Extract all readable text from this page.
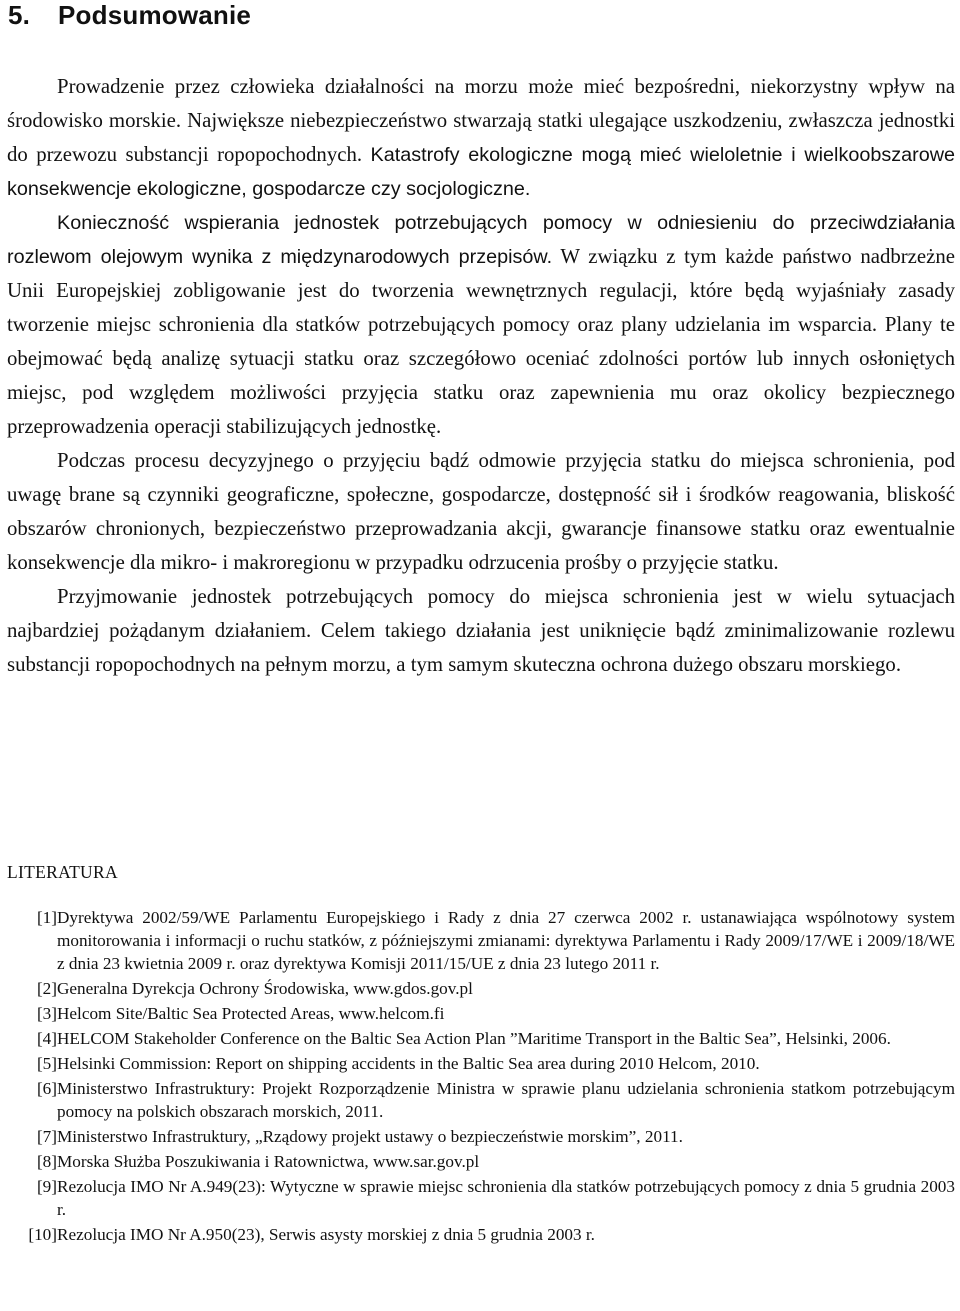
5. Podsumowanie

Prowadzenie przez człowieka działalności na morzu może mieć bezpośredni, niekorzystny wpływ na środowisko morskie. Największe niebezpieczeństwo stwarzają statki ulegające uszkodzeniu, zwłaszcza jednostki do przewozu substancji ropopochodnych. Katastrofy ekologiczne mogą mieć wieloletnie i wielkoobszarowe konsekwencje ekologiczne, gospodarcze czy socjologiczne.

Konieczność wspierania jednostek potrzebujących pomocy w odniesieniu do przeciwdziałania rozlewom olejowym wynika z międzynarodowych przepisów. W związku z tym każde państwo nadbrzeżne Unii Europejskiej zobligowanie jest do tworzenia wewnętrznych regulacji, które będą wyjaśniały zasady tworzenie miejsc schronienia dla statków potrzebujących pomocy oraz plany udzielania im wsparcia. Plany te obejmować będą analizę sytuacji statku oraz szczegółowo oceniać zdolności portów lub innych osłoniętych miejsc, pod względem możliwości przyjęcia statku oraz zapewnienia mu oraz okolicy bezpiecznego przeprowadzenia operacji stabilizujących jednostkę.

Podczas procesu decyzyjnego o przyjęciu bądź odmowie przyjęcia statku do miejsca schronienia, pod uwagę brane są czynniki geograficzne, społeczne, gospodarcze, dostępność sił i środków reagowania, bliskość obszarów chronionych, bezpieczeństwo przeprowadzania akcji, gwarancje finansowe statku oraz ewentualnie konsekwencje dla mikro- i makroregionu w przypadku odrzucenia prośby o przyjęcie statku.

Przyjmowanie jednostek potrzebujących pomocy do miejsca schronienia jest w wielu sytuacjach najbardziej pożądanym działaniem. Celem takiego działania jest uniknięcie bądź zminimalizowanie rozlewu substancji ropopochodnych na pełnym morzu, a tym samym skuteczna ochrona dużego obszaru morskiego.

LITERATURA
[1] Dyrektywa 2002/59/WE Parlamentu Europejskiego i Rady z dnia 27 czerwca 2002 r. ustanawiająca wspólnotowy system monitorowania i informacji o ruchu statków, z późniejszymi zmianami: dyrektywa Parlamentu i Rady 2009/17/WE i 2009/18/WE z dnia 23 kwietnia 2009 r. oraz dyrektywa Komisji 2011/15/UE z dnia 23 lutego 2011 r.
[2] Generalna Dyrekcja Ochrony Środowiska, www.gdos.gov.pl
[3] Helcom Site/Baltic Sea Protected Areas, www.helcom.fi
[4] HELCOM Stakeholder Conference on the Baltic Sea Action Plan ”Maritime Transport in the Baltic Sea”, Helsinki, 2006.
[5] Helsinki Commission: Report on shipping accidents in the Baltic Sea area during 2010 Helcom, 2010.
[6] Ministerstwo Infrastruktury: Projekt Rozporządzenie Ministra w sprawie planu udzielania schronienia statkom potrzebującym pomocy na polskich obszarach morskich, 2011.
[7] Ministerstwo Infrastruktury, „Rządowy projekt ustawy o bezpieczeństwie morskim”, 2011.
[8] Morska Służba Poszukiwania i Ratownictwa, www.sar.gov.pl
[9] Rezolucja IMO Nr A.949(23): Wytyczne w sprawie miejsc schronienia dla statków potrzebujących pomocy z dnia 5 grudnia 2003 r.
[10] Rezolucja IMO Nr A.950(23), Serwis asysty morskiej z dnia 5 grudnia 2003 r.
